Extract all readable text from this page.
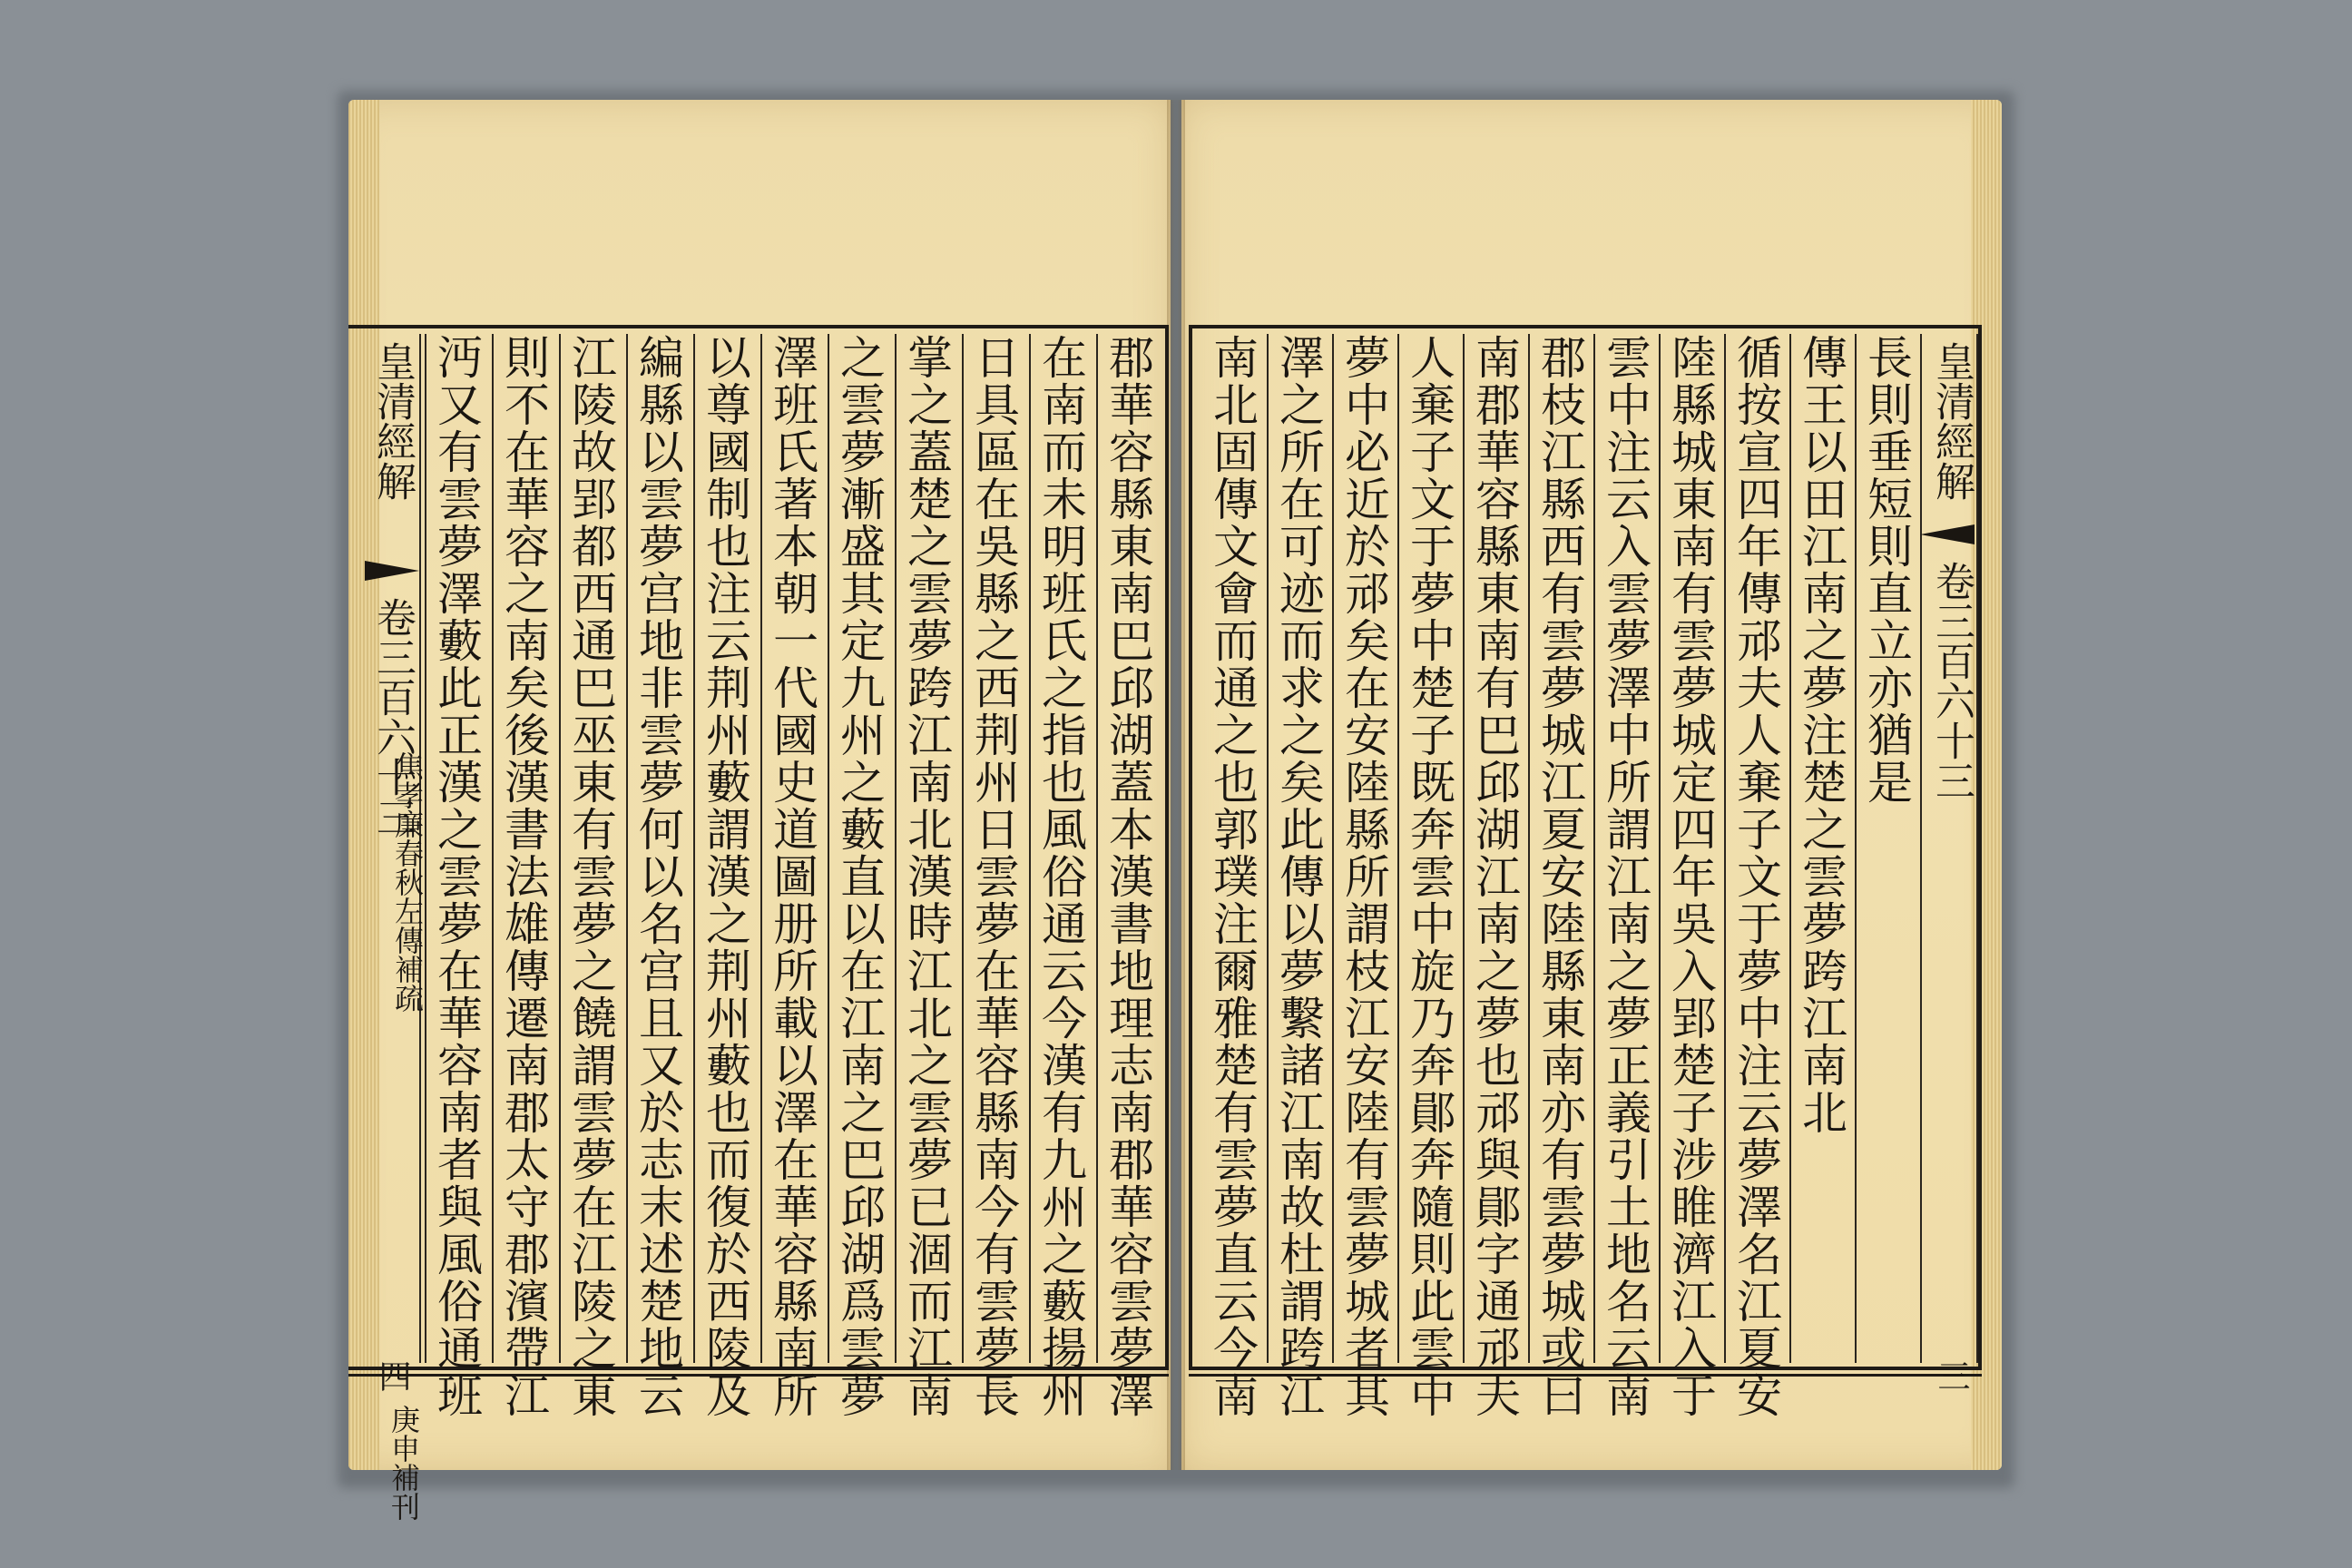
皇清經解
卷三百六十三
焦孝廉春秋左傳補疏
四
庚申補刊
沔又有雲夢澤藪此正漢之雲夢在華容南者與風俗通班 則不在華容之南矣後漢書法雄傳遷南郡太守郡濱帶江 江陵故郢都西通巴巫東有雲夢之饒謂雲夢在江陵之東 編縣以雲夢宫地非雲夢何以名宫且又於志末述楚地云 以尊國制也注云荆州藪謂漢之荆州藪也而復於西陵及 澤班氏著本朝一代國史道圖册所載以澤在華容縣南所 之雲夢漸盛其定九州之藪直以在江南之巴邱湖爲雲夢 掌之蓋楚之雲夢跨江南北漢時江北之雲夢已涸而江南 日具區在吳縣之西荆州日雲夢在華容縣南今有雲夢長 在南而未明班氏之指也風俗通云今漢有九州之藪揚州 郡華容縣東南巴邱湖蓋本漢書地理志南郡華容雲夢澤 南北固傳文會而通之也郭璞注爾雅楚有雲夢直云今南 澤之所在可迹而求之矣此傳以夢繫諸江南故杜謂跨江 夢中必近於邧矣在安陸縣所謂枝江安陸有雲夢城者其 人棄子文于夢中楚子既奔雲中旋乃奔鄖奔隨則此雲中 南郡華容縣東南有巴邱湖江南之夢也邧與鄖字通邧夫 郡枝江縣西有雲夢城江夏安陸縣東南亦有雲夢城或曰 雲中注云入雲夢澤中所謂江南之夢正義引土地名云南 陸縣城東南有雲夢城定四年吳入郢楚子涉睢濟江入于 循按宣四年傳邧夫人棄子文于夢中注云夢澤名江夏安 傳王以田江南之夢注楚之雲夢跨江南北 長則垂短則直立亦猶是 皇清經解
卷三百六十三
三
